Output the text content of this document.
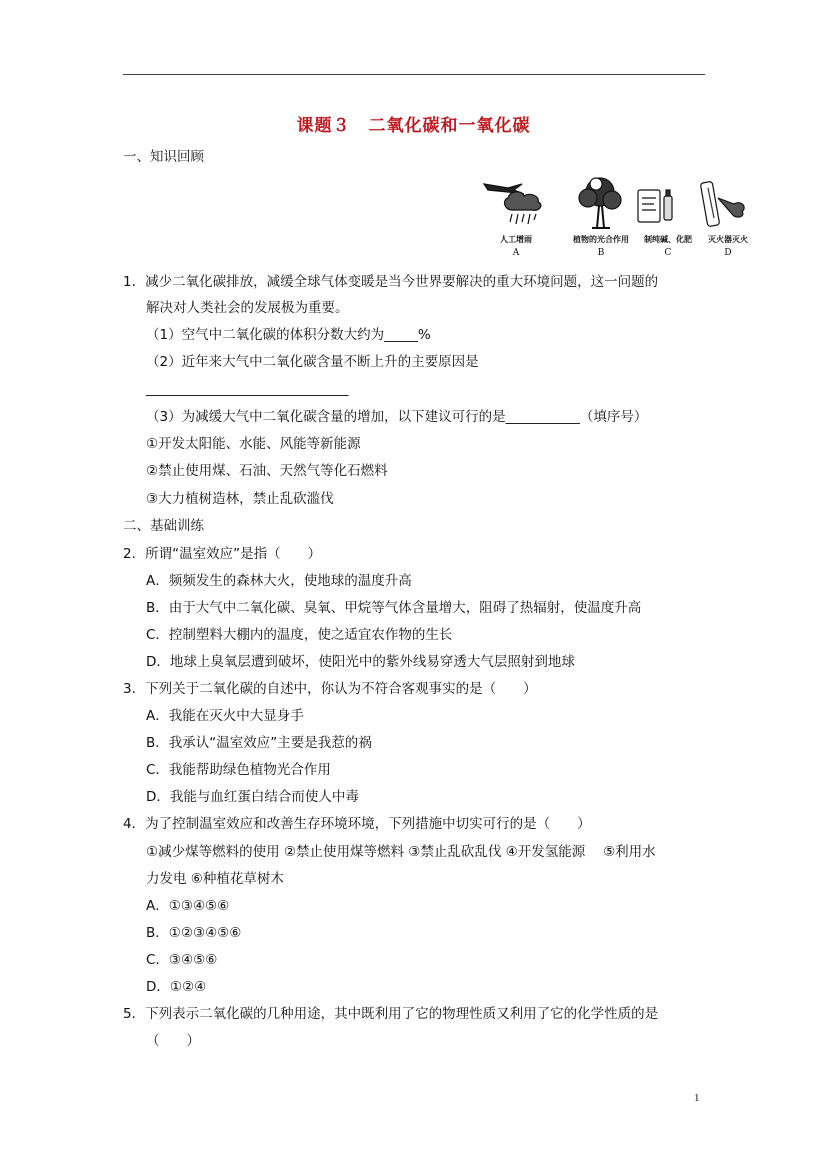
课题３　二氧化碳和一氧化碳
一、知识回顾
人工增雨	植物的光合作用 制纯碱、化肥 灭火器灭火
A	B	C	D
1．减少二氧化碳排放，减缓全球气体变暖是当今世界要解决的重大环境问题，这一问题的
解决对人类社会的发展极为重要。
（1）空气中二氧化碳的体积分数大约为_____%
（2）近年来大气中二氧化碳含量不断上升的主要原因是
______________________________
（3）为减缓大气中二氧化碳含量的增加，以下建议可行的是___________（填序号）
①开发太阳能、水能、风能等新能源
②禁止使用煤、石油、天然气等化石燃料
③大力植树造林，禁止乱砍滥伐
二、基础训练
2．所谓“温室效应”是指（　　）
A．频频发生的森林大火，使地球的温度升高
B．由于大气中二氧化碳、臭氧、甲烷等气体含量增大，阻碍了热辐射，使温度升高
C．控制塑料大棚内的温度，使之适宜农作物的生长
D．地球上臭氧层遭到破坏，使阳光中的紫外线易穿透大气层照射到地球
3．下列关于二氧化碳的自述中，你认为不符合客观事实的是（　　）
A．我能在灭火中大显身手
B．我承认“温室效应”主要是我惹的祸
C．我能帮助绿色植物光合作用
D．我能与血红蛋白结合而使人中毒
4．为了控制温室效应和改善生存环境环境，下列措施中切实可行的是（　　）
①减少煤等燃料的使用 ②禁止使用煤等燃料 ③禁止乱砍乱伐 ④开发氢能源　 ⑤利用水
力发电 ⑥种植花草树木
A．①③④⑤⑥
B．①②③④⑤⑥
C．③④⑤⑥
D．①②④
5．下列表示二氧化碳的几种用途，其中既利用了它的物理性质又利用了它的化学性质的是
（　　）
1
